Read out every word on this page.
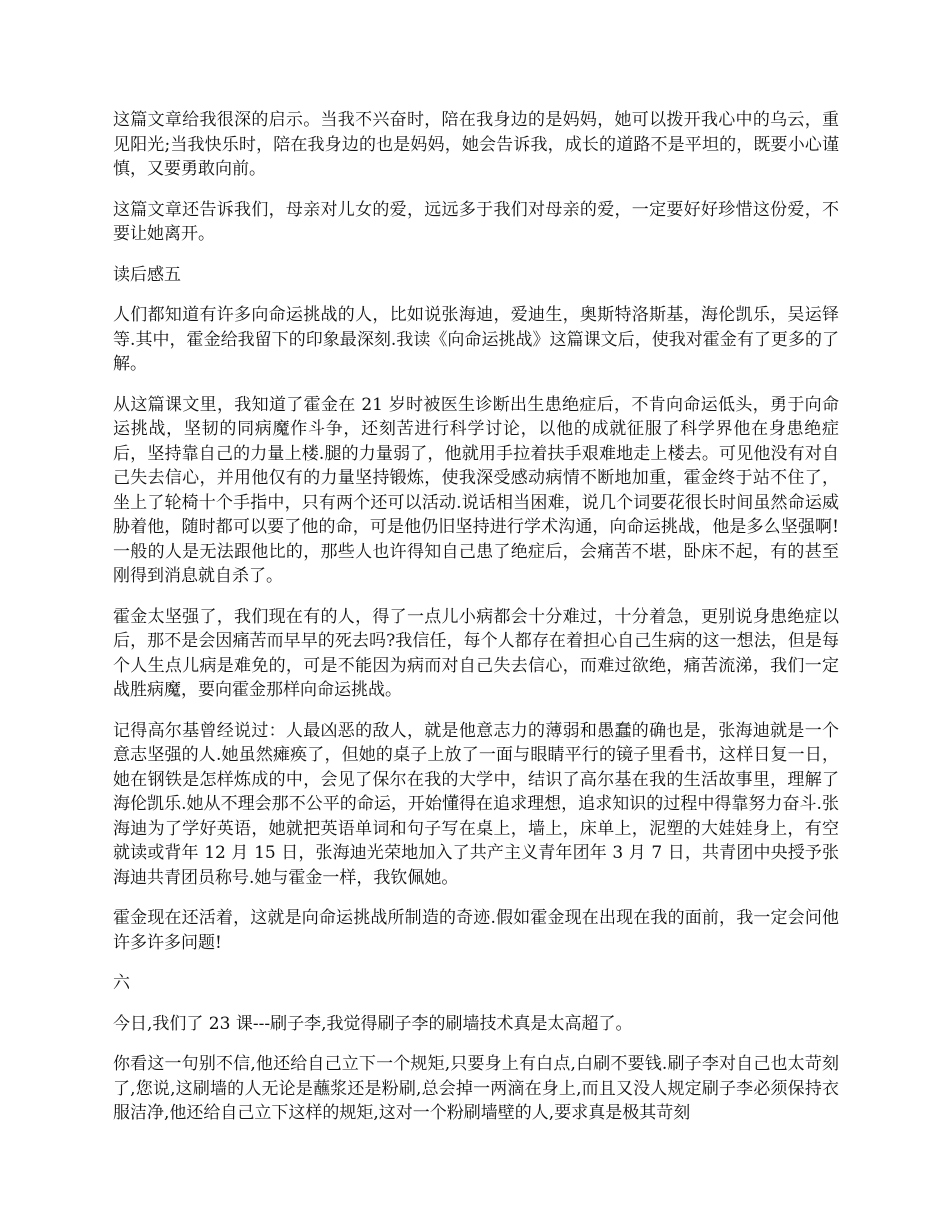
这篇文章给我很深的启示。当我不兴奋时，陪在我身边的是妈妈，她可以拨开我心中的乌云，重见阳光;当我快乐时，陪在我身边的也是妈妈，她会告诉我，成长的道路不是平坦的，既要小心谨慎，又要勇敢向前。

这篇文章还告诉我们，母亲对儿女的爱，远远多于我们对母亲的爱，一定要好好珍惜这份爱，不要让她离开。

读后感五

人们都知道有许多向命运挑战的人，比如说张海迪，爱迪生，奥斯特洛斯基，海伦凯乐，吴运铎等.其中，霍金给我留下的印象最深刻.我读《向命运挑战》这篇课文后，使我对霍金有了更多的了解。

从这篇课文里，我知道了霍金在 21 岁时被医生诊断出生患绝症后，不肯向命运低头，勇于向命运挑战，坚韧的同病魔作斗争，还刻苦进行科学讨论，以他的成就征服了科学界他在身患绝症后，坚持靠自己的力量上楼.腿的力量弱了，他就用手拉着扶手艰难地走上楼去。可见他没有对自己失去信心，并用他仅有的力量坚持锻炼，使我深受感动病情不断地加重，霍金终于站不住了，坐上了轮椅十个手指中，只有两个还可以活动.说话相当困难，说几个词要花很长时间虽然命运威胁着他，随时都可以要了他的命，可是他仍旧坚持进行学术沟通，向命运挑战，他是多么坚强啊!一般的人是无法跟他比的，那些人也许得知自己患了绝症后，会痛苦不堪，卧床不起，有的甚至刚得到消息就自杀了。

霍金太坚强了，我们现在有的人，得了一点儿小病都会十分难过，十分着急，更别说身患绝症以后，那不是会因痛苦而早早的死去吗?我信任，每个人都存在着担心自己生病的这一想法，但是每个人生点儿病是难免的，可是不能因为病而对自己失去信心，而难过欲绝，痛苦流涕，我们一定战胜病魔，要向霍金那样向命运挑战。

记得高尔基曾经说过：人最凶恶的敌人，就是他意志力的薄弱和愚蠢的确也是，张海迪就是一个意志坚强的人.她虽然瘫痪了，但她的桌子上放了一面与眼睛平行的镜子里看书，这样日复一日，她在钢铁是怎样炼成的中，会见了保尔在我的大学中，结识了高尔基在我的生活故事里，理解了海伦凯乐.她从不理会那不公平的命运，开始懂得在追求理想，追求知识的过程中得靠努力奋斗.张海迪为了学好英语，她就把英语单词和句子写在桌上，墙上，床单上，泥塑的大娃娃身上，有空就读或背年 12 月 15 日，张海迪光荣地加入了共产主义青年团年 3 月 7 日，共青团中央授予张海迪共青团员称号.她与霍金一样，我钦佩她。

霍金现在还活着，这就是向命运挑战所制造的奇迹.假如霍金现在出现在我的面前，我一定会问他许多许多问题!

六

今日,我们了 23 课---刷子李,我觉得刷子李的刷墙技术真是太高超了。

你看这一句别不信,他还给自己立下一个规矩,只要身上有白点,白刷不要钱.刷子李对自己也太苛刻了,您说,这刷墙的人无论是蘸浆还是粉刷,总会掉一两滴在身上,而且又没人规定刷子李必须保持衣服洁净,他还给自己立下这样的规矩,这对一个粉刷墙壁的人,要求真是极其苛刻
